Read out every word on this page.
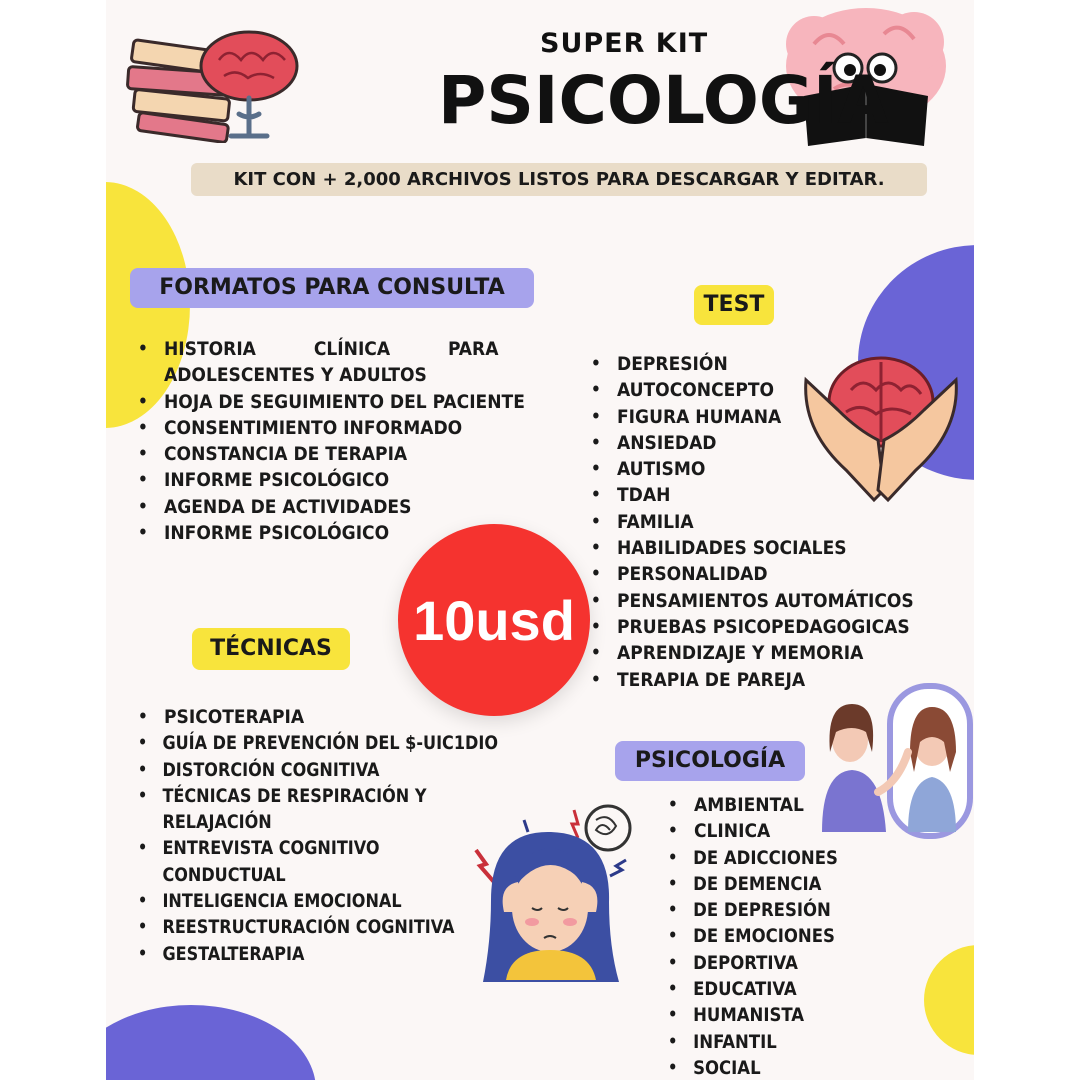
SUPER KIT
PSICOLOGÍA
KIT CON + 2,000 ARCHIVOS LISTOS PARA DESCARGAR Y EDITAR.
FORMATOS PARA CONSULTA
• HISTORIA CLÍNICA PARA
ADOLESCENTES Y ADULTOS
• HOJA DE SEGUIMIENTO DEL PACIENTE
• CONSENTIMIENTO INFORMADO
• CONSTANCIA DE TERAPIA
• INFORME PSICOLÓGICO
• AGENDA DE ACTIVIDADES
• INFORME PSICOLÓGICO
TEST
• DEPRESIÓN
• AUTOCONCEPTO
• FIGURA HUMANA
• ANSIEDAD
• AUTISMO
• TDAH
• FAMILIA
• HABILIDADES SOCIALES
• PERSONALIDAD
• PENSAMIENTOS AUTOMÁTICOS
• PRUEBAS PSICOPEDAGOGICAS
• APRENDIZAJE Y MEMORIA
• TERAPIA DE PAREJA
10usd
TÉCNICAS
• PSICOTERAPIA
• GUÍA DE PREVENCIÓN DEL $-UIC1DIO
• DISTORCIÓN COGNITIVA
• TÉCNICAS DE RESPIRACIÓN Y
RELAJACIÓN
• ENTREVISTA COGNITIVO
CONDUCTUAL
• INTELIGENCIA EMOCIONAL
• REESTRUCTURACIÓN COGNITIVA
• GESTALTERAPIA
PSICOLOGÍA
• AMBIENTAL
• CLINICA
• DE ADICCIONES
• DE DEMENCIA
• DE DEPRESIÓN
• DE EMOCIONES
• DEPORTIVA
• EDUCATIVA
• HUMANISTA
• INFANTIL
• SOCIAL
